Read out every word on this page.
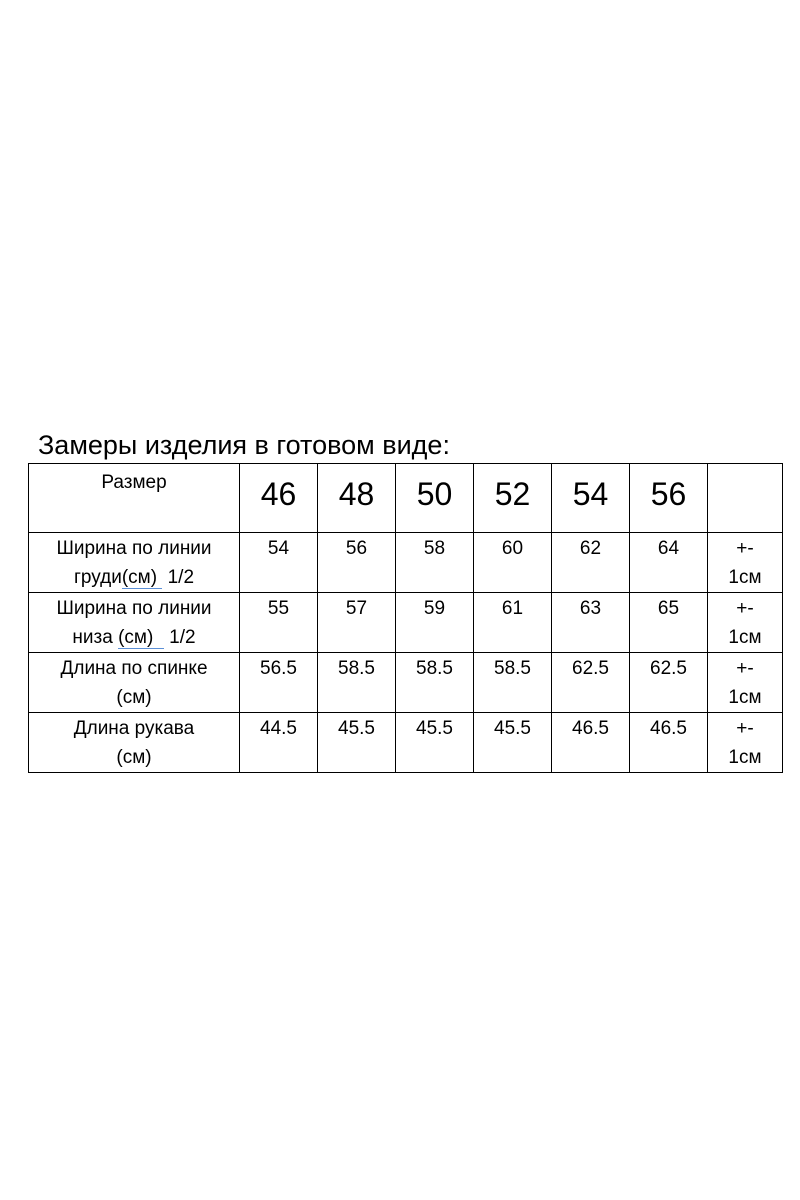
Замеры изделия в готовом виде:
Размер	46	48	50	52	54	56	

Ширина по линии
груди(см) 1/2	54	56	58	60	62	64	+-
1см

Ширина по линии
низа (см) 1/2	55	57	59	61	63	65	+-
1см

Длина по спинке
(см)	56.5	58.5	58.5	58.5	62.5	62.5	+-
1см

Длина рукава
(см)	44.5	45.5	45.5	45.5	46.5	46.5	+-
1см
